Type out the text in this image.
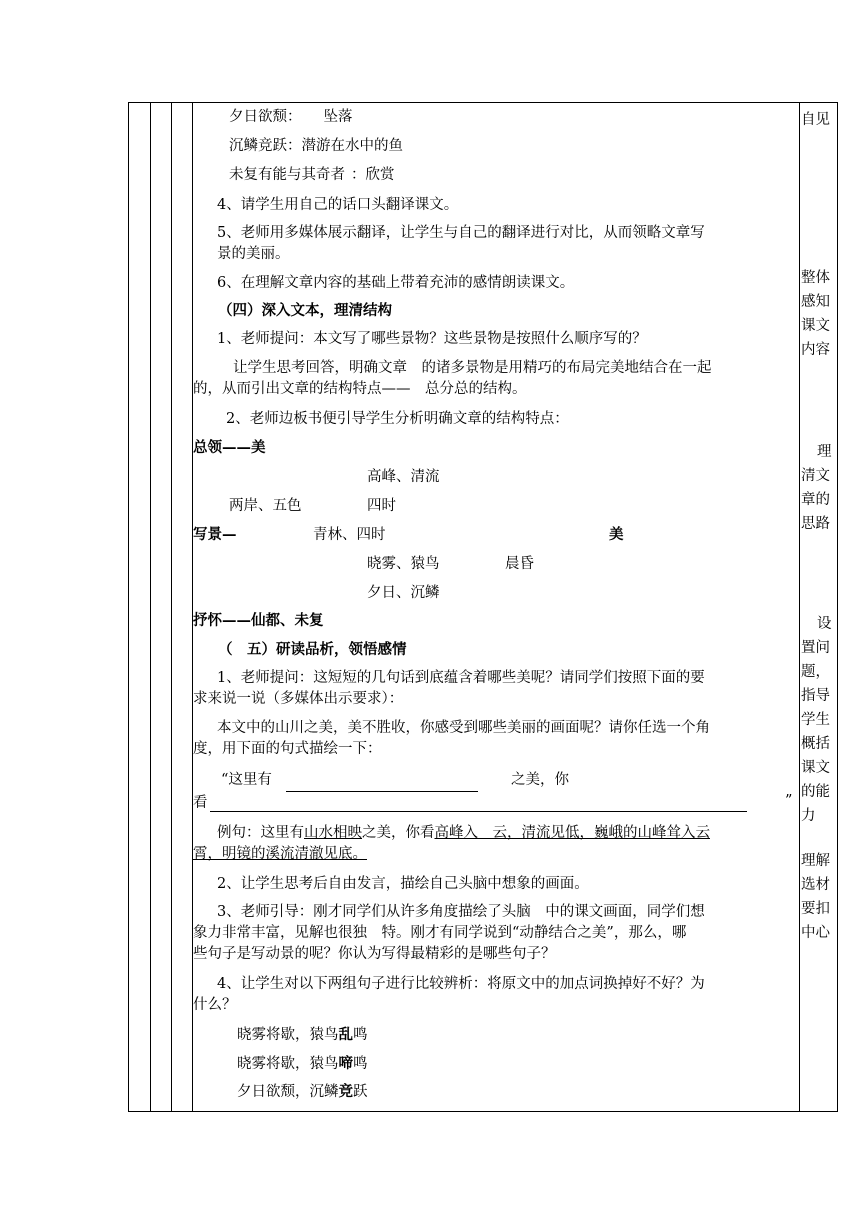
夕日欲颓： 坠落
沉鳞竞跃：潜游在水中的鱼
未复有能与其奇者 ：欣赏
4、请学生用自己的话口头翻译课文。
5、老师用多媒体展示翻译，让学生与自己的翻译进行对比，从而领略文章写
景的美丽。
6、在理解文章内容的基础上带着充沛的感情朗读课文。
（四）深入文本，理清结构
1、老师提问：本文写了哪些景物？这些景物是按照什么顺序写的？
让学生思考回答，明确文章　的诸多景物是用精巧的布局完美地结合在一起
的，从而引出文章的结构特点——　总分总的结构。
2、老师边板书便引导学生分析明确文章的结构特点：
总领——美
高峰、清流
两岸、五色	四时
写景—	青林、四时	美
晓雾、猿鸟	晨昏
夕日、沉鳞
抒怀——仙都、未复
（　五）研读品析，领悟感情
1、老师提问：这短短的几句话到底蕴含着哪些美呢？请同学们按照下面的要
求来说一说（多媒体出示要求）：
本文中的山川之美，美不胜收，你感受到哪些美丽的画面呢？请你任选一个角
度，用下面的句式描绘一下：
“这里有	之美，你
看	”
例句：这里有山水相映之美，你看高峰入　云，清流见低，巍峨的山峰耸入云
霄，明镜的溪流清澈见底。
2、让学生思考后自由发言，描绘自己头脑中想象的画面。
3、老师引导：刚才同学们从许多角度描绘了头脑　中的课文画面，同学们想
象力非常丰富，见解也很独　特。刚才有同学说到“动静结合之美”，那么，哪
些句子是写动景的呢？你认为写得最精彩的是哪些句子？
4、让学生对以下两组句子进行比较辨析：将原文中的加点词换掉好不好？为
什么？
晓雾将歇，猿鸟乱鸣
晓雾将歇，猿鸟啼鸣
夕日欲颓，沉鳞竞跃
自见
整体感知课文内容
理清文章的思路
设置问题，指导学生概括课文的能力
理解选材要扣中心
